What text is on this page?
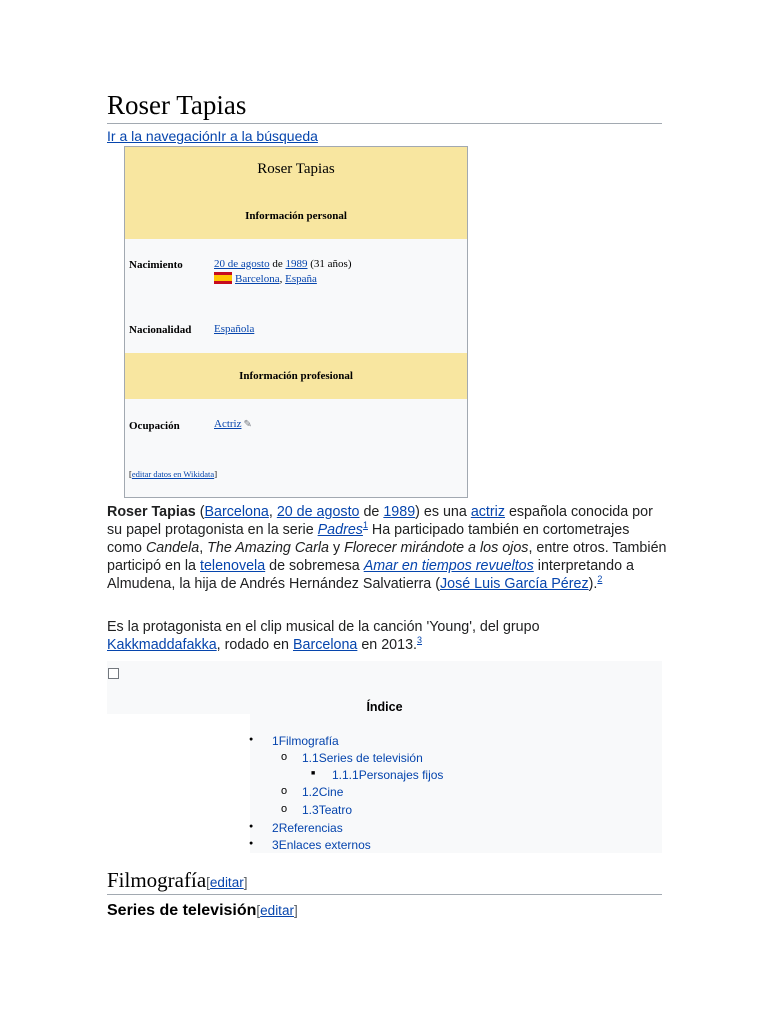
Roser Tapias
Ir a la navegaciónIr a la búsqueda
Roser Tapias
Información personal
Nacimiento	20 de agosto de 1989 (31 años)
Barcelona, España
Nacionalidad Española
Información profesional
Ocupación	Actriz ✎
[editar datos en Wikidata]
Roser Tapias (Barcelona, 20 de agosto de 1989) es una actriz española conocida por su papel protagonista en la serie Padres$^1$ Ha participado también en cortometrajes como Candela, The Amazing Carla y Florecer mirándote a los ojos, entre otros. También participó en la telenovela de sobremesa Amar en tiempos revueltos interpretando a Almudena, la hija de Andrés Hernández Salvatierra (José Luis García Pérez).$^2$
Es la protagonista en el clip musical de la canción 'Young', del grupo Kakkmaddafakka, rodado en Barcelona en 2013.$^3$
Índice
● 1Filmografía
o 1.1Series de televisión
■ 1.1.1Personajes fijos
o 1.2Cine
o 1.3Teatro
● 2Referencias
● 3Enlaces externos
Filmografía[editar]
Series de televisión[editar]
